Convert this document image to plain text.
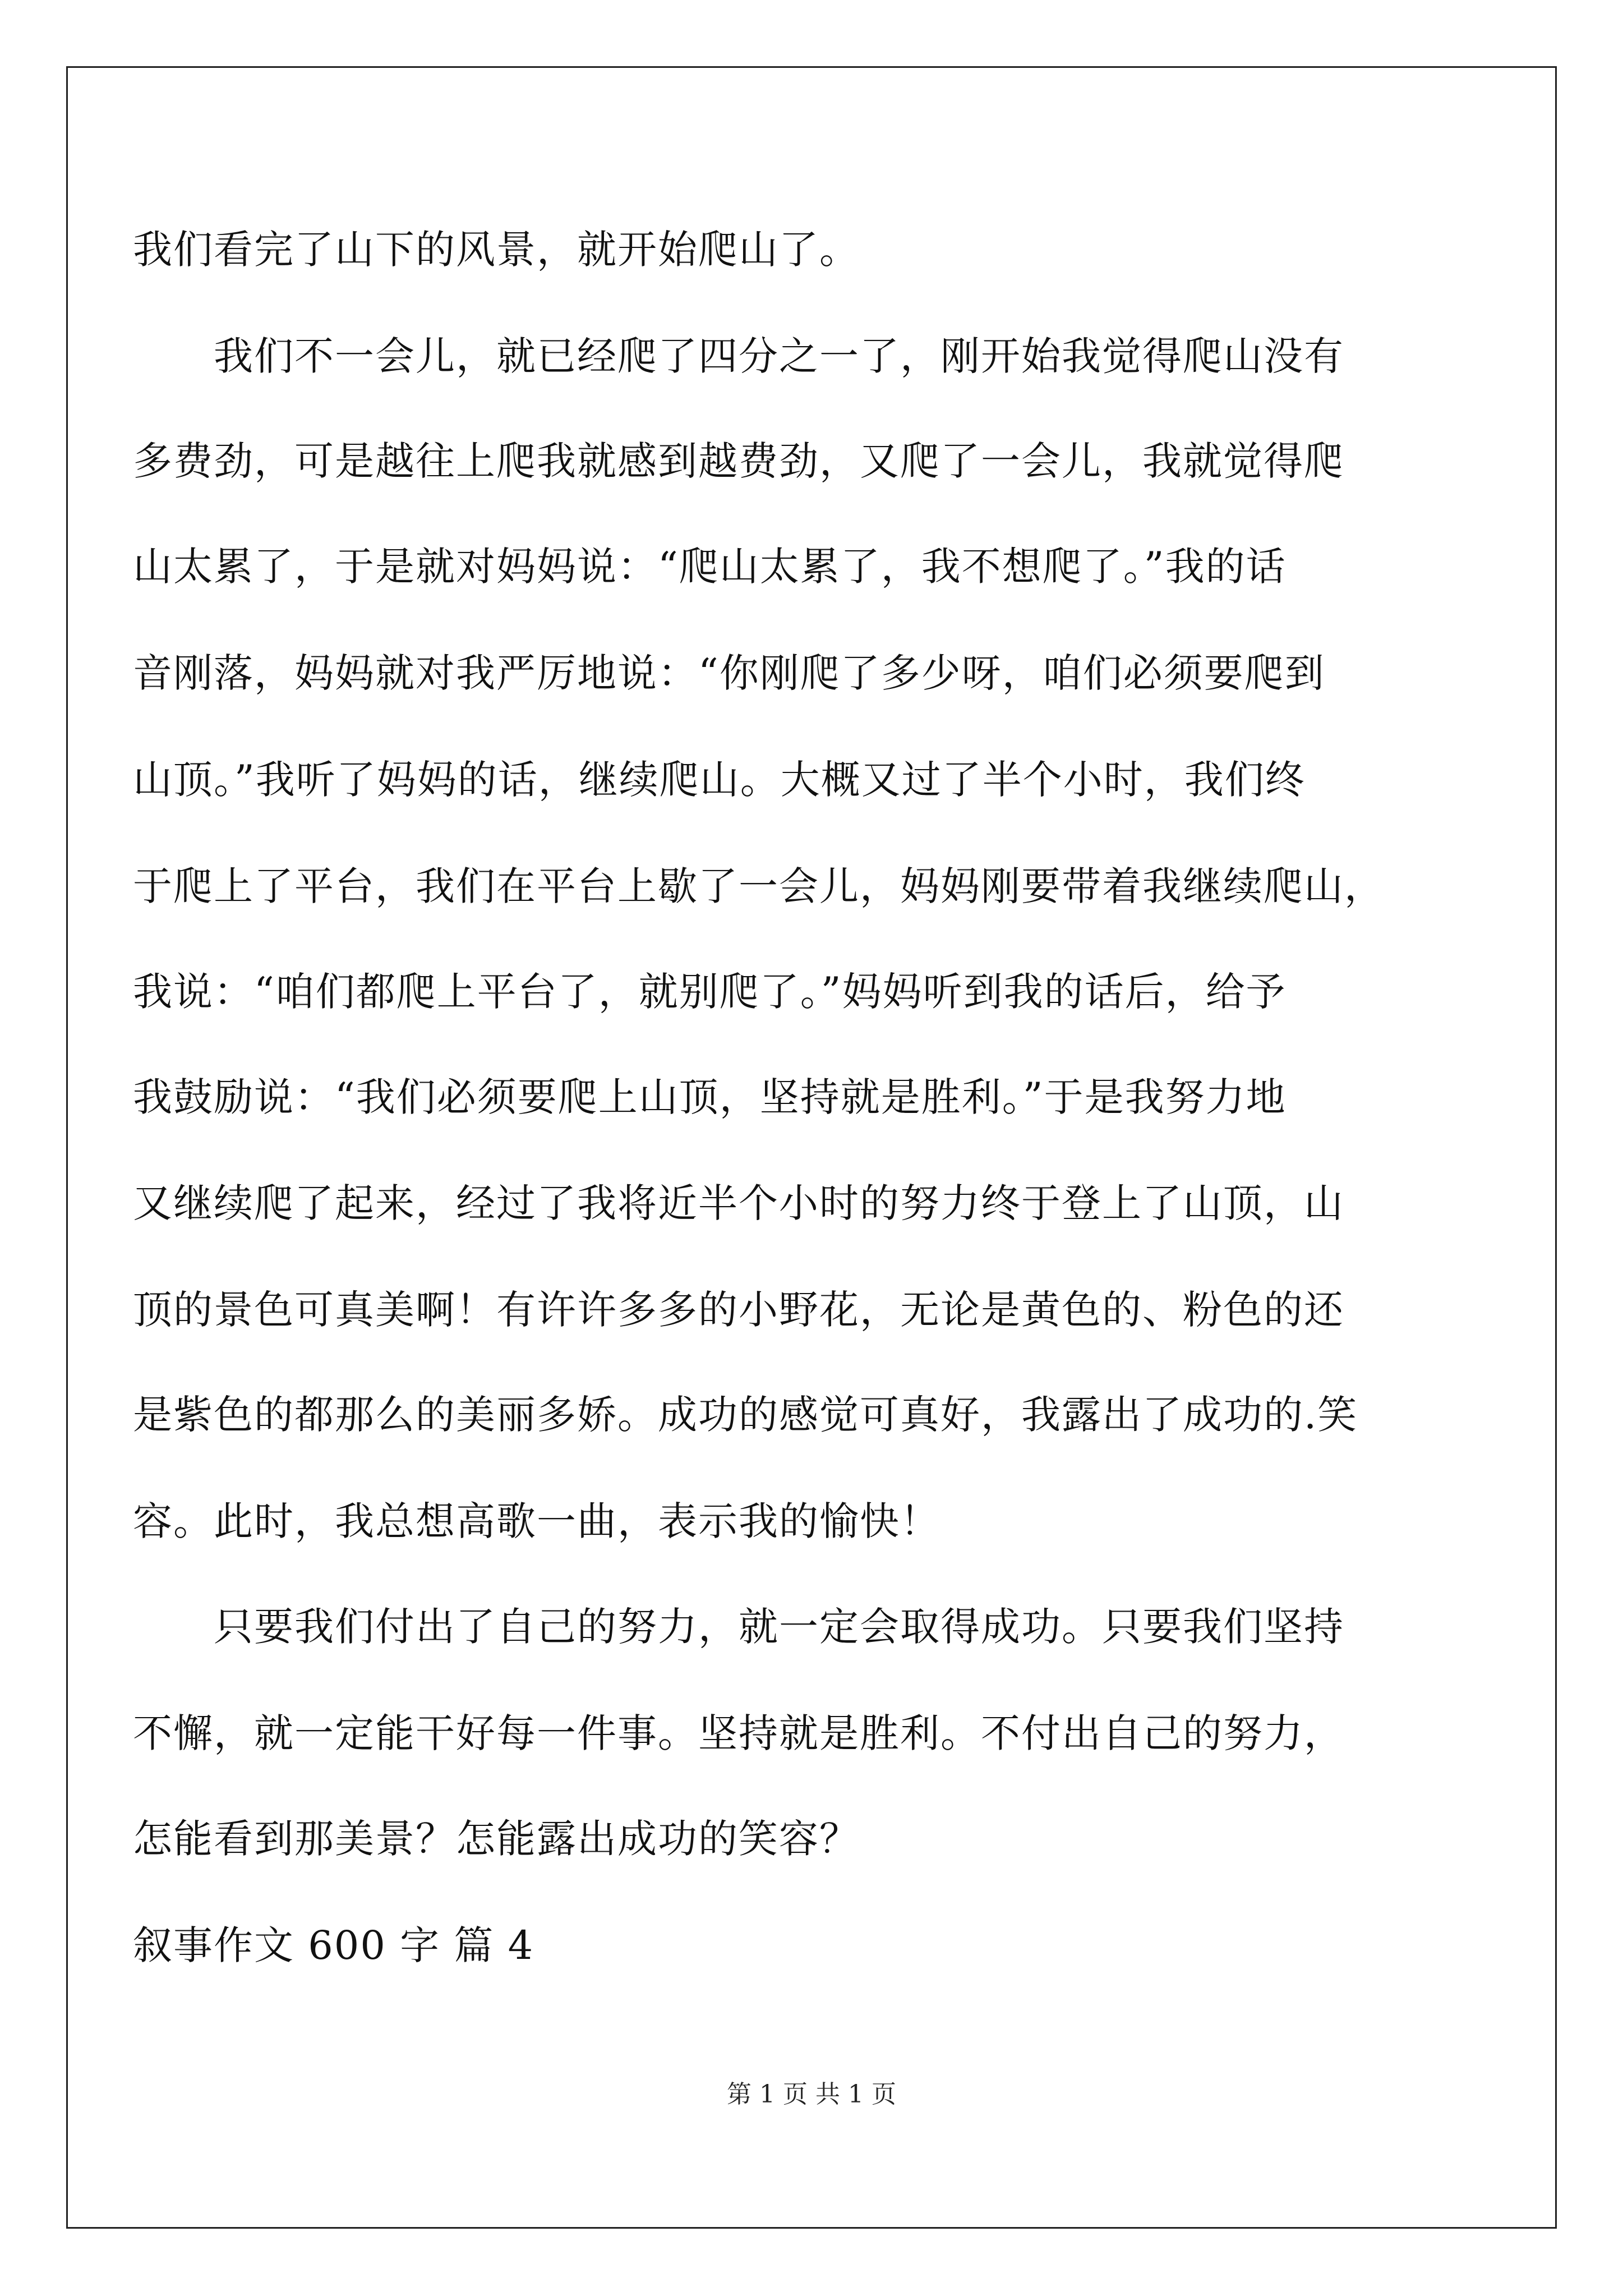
我们看完了山下的风景，就开始爬山了。
我们不一会儿，就已经爬了四分之一了，刚开始我觉得爬山没有
多费劲，可是越往上爬我就感到越费劲，又爬了一会儿，我就觉得爬
山太累了，于是就对妈妈说：“爬山太累了，我不想爬了。”我的话
音刚落，妈妈就对我严厉地说：“你刚爬了多少呀，咱们必须要爬到
山顶。”我听了妈妈的话，继续爬山。大概又过了半个小时，我们终
于爬上了平台，我们在平台上歇了一会儿，妈妈刚要带着我继续爬山，
我说：“咱们都爬上平台了，就别爬了。”妈妈听到我的话后，给予
我鼓励说：“我们必须要爬上山顶，坚持就是胜利。”于是我努力地
又继续爬了起来，经过了我将近半个小时的努力终于登上了山顶，山
顶的景色可真美啊！有许许多多的小野花，无论是黄色的、粉色的还
是紫色的都那么的美丽多娇。成功的感觉可真好，我露出了成功的.笑
容。此时，我总想高歌一曲，表示我的愉快！
只要我们付出了自己的努力，就一定会取得成功。只要我们坚持
不懈，就一定能干好每一件事。坚持就是胜利。不付出自己的努力，
怎能看到那美景？怎能露出成功的笑容？
叙事作文 600 字 篇 4
第 1 页 共 1 页
